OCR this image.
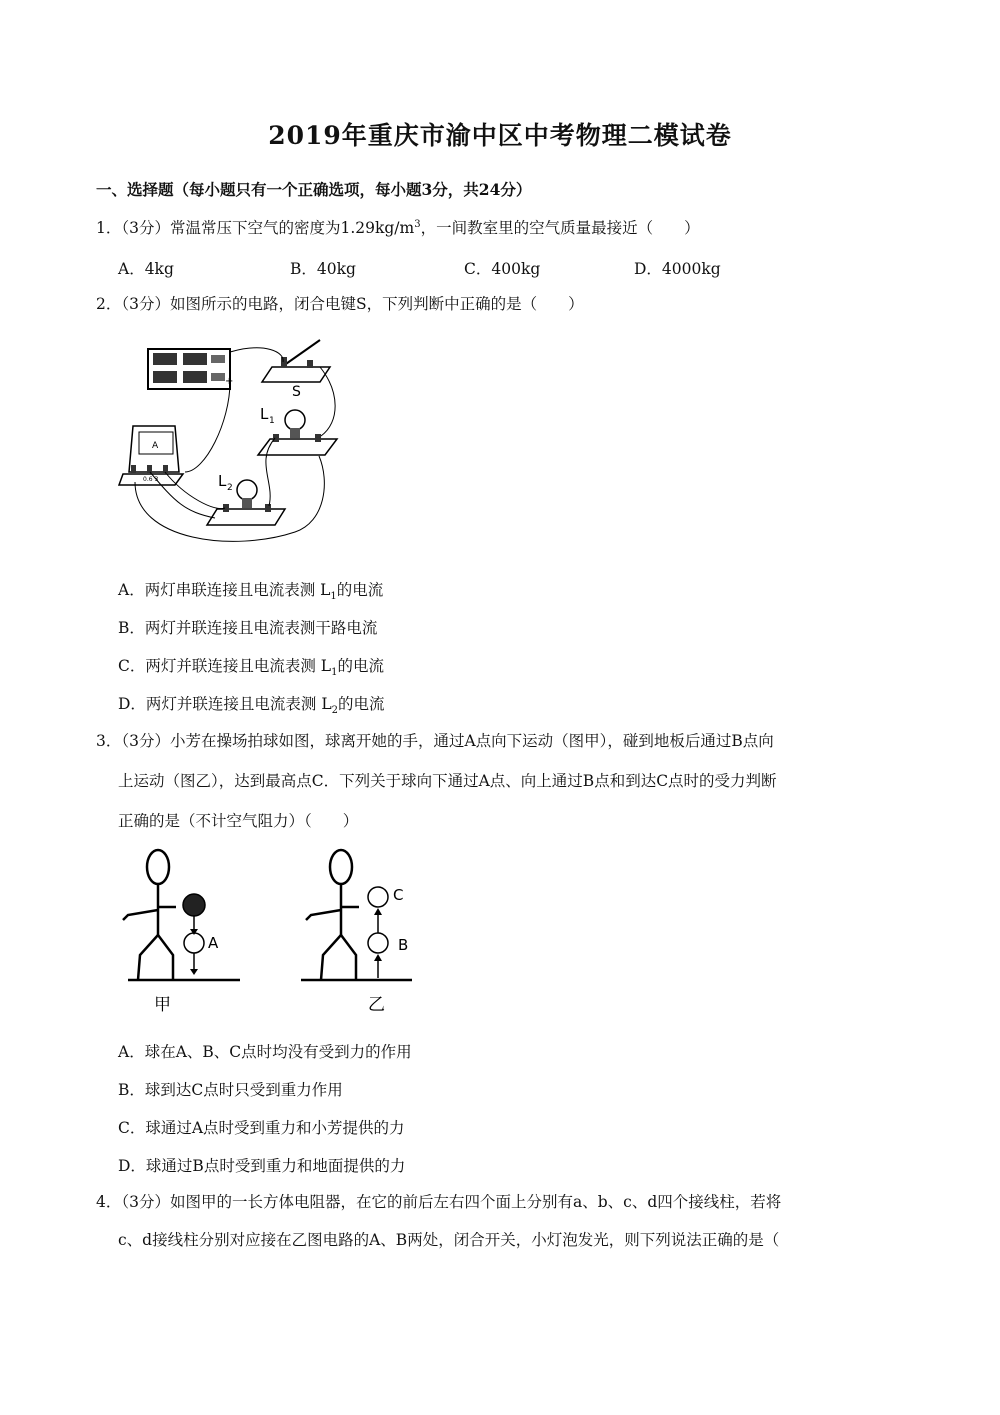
2019年重庆市渝中区中考物理二模试卷
一、选择题（每小题只有一个正确选项，每小题3分，共24分）
1．（3分）常温常压下空气的密度为$1.29kg/m^3$，一间教室里的空气质量最接近（　　）
A．4kg	B．40kg	C．400kg	D．4000kg
2．（3分）如图所示的电路，闭合电键S，下列判断中正确的是（　　）
+
S
L 1
A
0.6 3	L 2
A．两灯串联连接且电流表测 $L_1$的电流
B．两灯并联连接且电流表测干路电流
C．两灯并联连接且电流表测 $L_1$的电流
D．两灯并联连接且电流表测 $L_2$的电流
3．（3分）小芳在操场拍球如图，球离开她的手，通过A点向下运动（图甲），碰到地板后通过B点向
上运动（图乙），达到最高点C．下列关于球向下通过A点、向上通过B点和到达C点时的受力判断
正确的是（不计空气阻力）（　　）
A
甲
C
B
乙
A．球在A、B、C点时均没有受到力的作用
B．球到达C点时只受到重力作用
C．球通过A点时受到重力和小芳提供的力
D．球通过B点时受到重力和地面提供的力
4．（3分）如图甲的一长方体电阻器，在它的前后左右四个面上分别有a、b、c、d四个接线柱，若将
c、d接线柱分别对应接在乙图电路的A、B两处，闭合开关，小灯泡发光，则下列说法正确的是（
